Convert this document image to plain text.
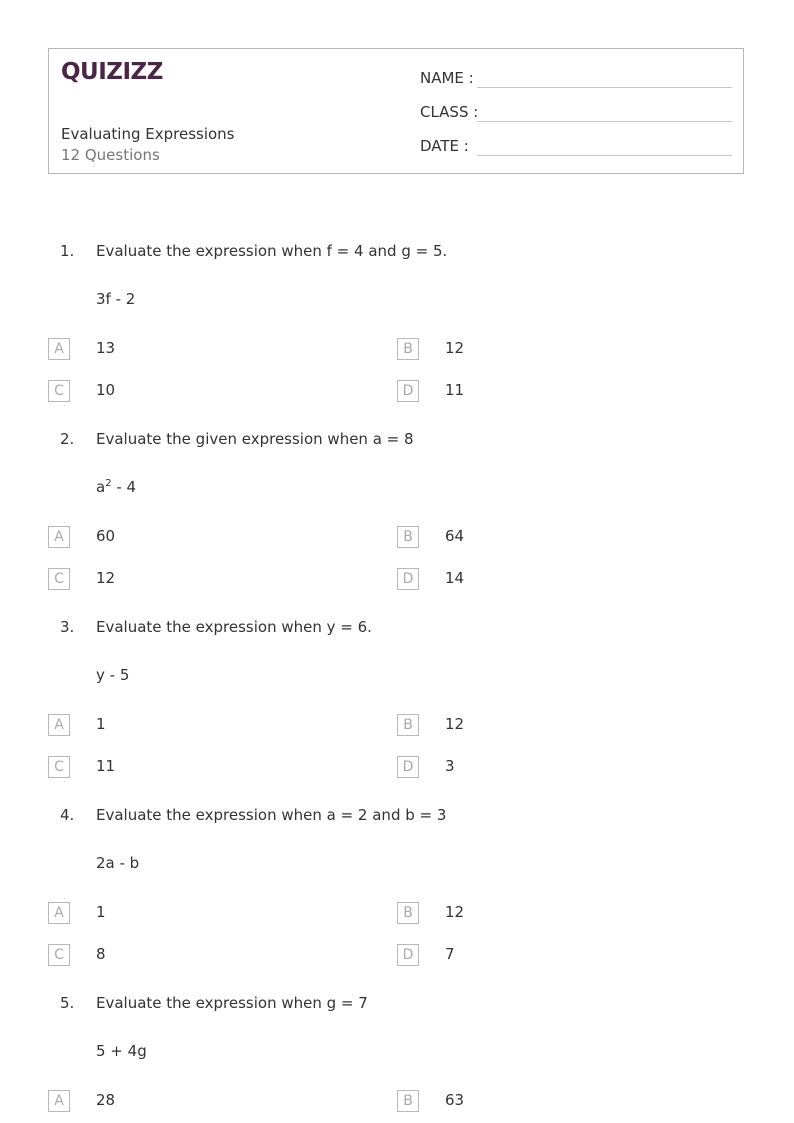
QUIZIZZ
Evaluating Expressions
12 Questions
NAME :
CLASS :
DATE :
1. Evaluate the expression when f = 4 and g = 5.
3f - 2
A	13	B	12
C	10	D	11
2. Evaluate the given expression when a = 8
$a^2 - 4$
A	60	B	64
C	12	D	14
3. Evaluate the expression when y = 6.
y - 5
A	1	B	12
C	11	D	3
4. Evaluate the expression when a = 2 and b = 3
2a - b
A	1	B	12
C	8	D	7
5. Evaluate the expression when g = 7
5 + 4g
A	28	B	63
